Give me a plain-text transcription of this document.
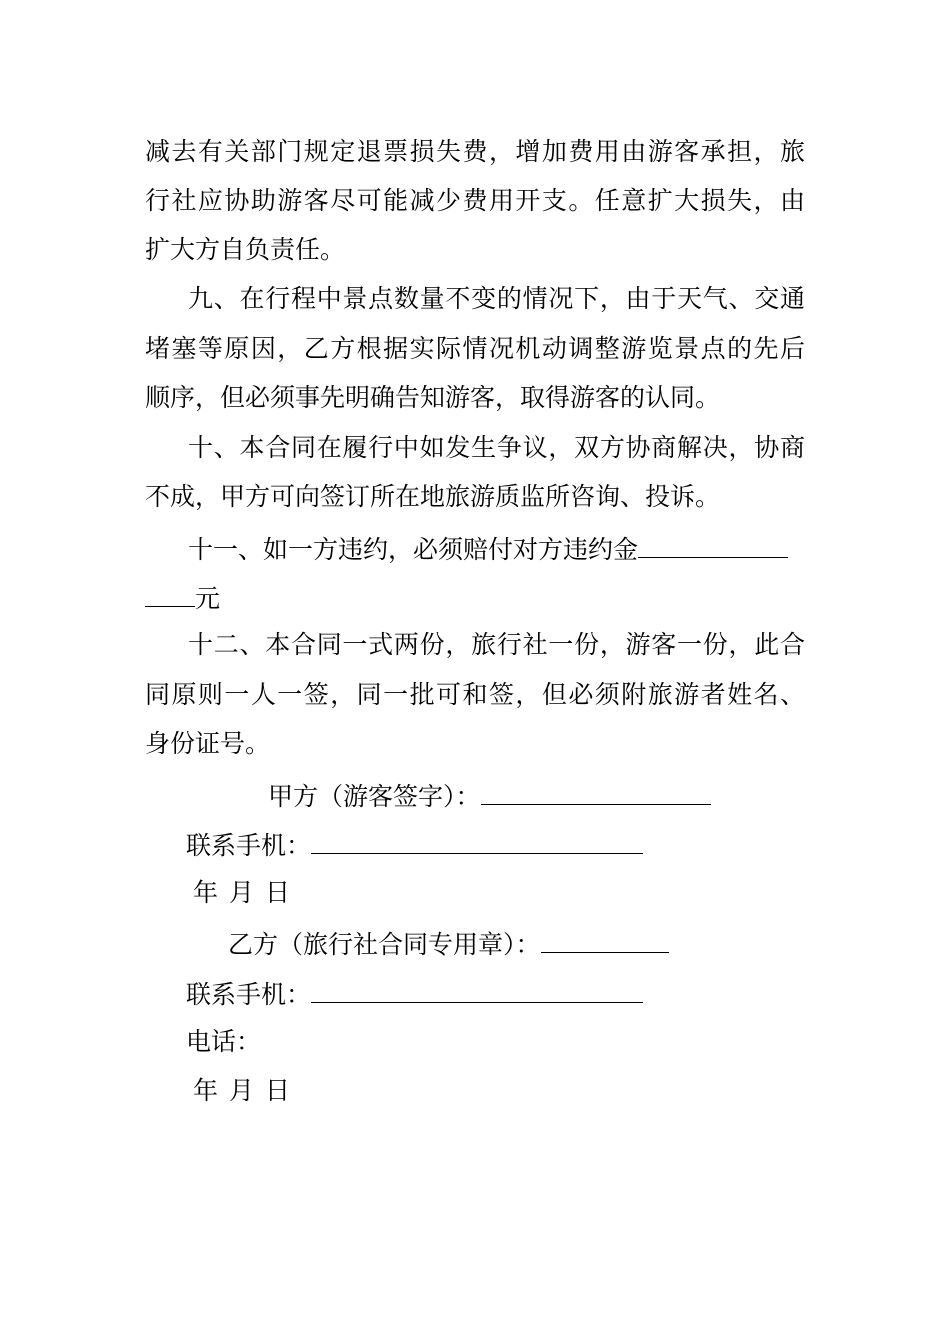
减去有关部门规定退票损失费，增加费用由游客承担，旅
行社应协助游客尽可能减少费用开支。任意扩大损失，由
扩大方自负责任。
九、在行程中景点数量不变的情况下，由于天气、交通
堵塞等原因，乙方根据实际情况机动调整游览景点的先后
顺序，但必须事先明确告知游客，取得游客的认同。
十、本合同在履行中如发生争议，双方协商解决，协商
不成，甲方可向签订所在地旅游质监所咨询、投诉。
十一、如一方违约，必须赔付对方违约金
元
十二、本合同一式两份，旅行社一份，游客一份，此合
同原则一人一签，同一批可和签，但必须附旅游者姓名、
身份证号。
甲方（游客签字）：
联系手机：
年 月 日
乙方（旅行社合同专用章）：
联系手机：
电话：
年 月 日
